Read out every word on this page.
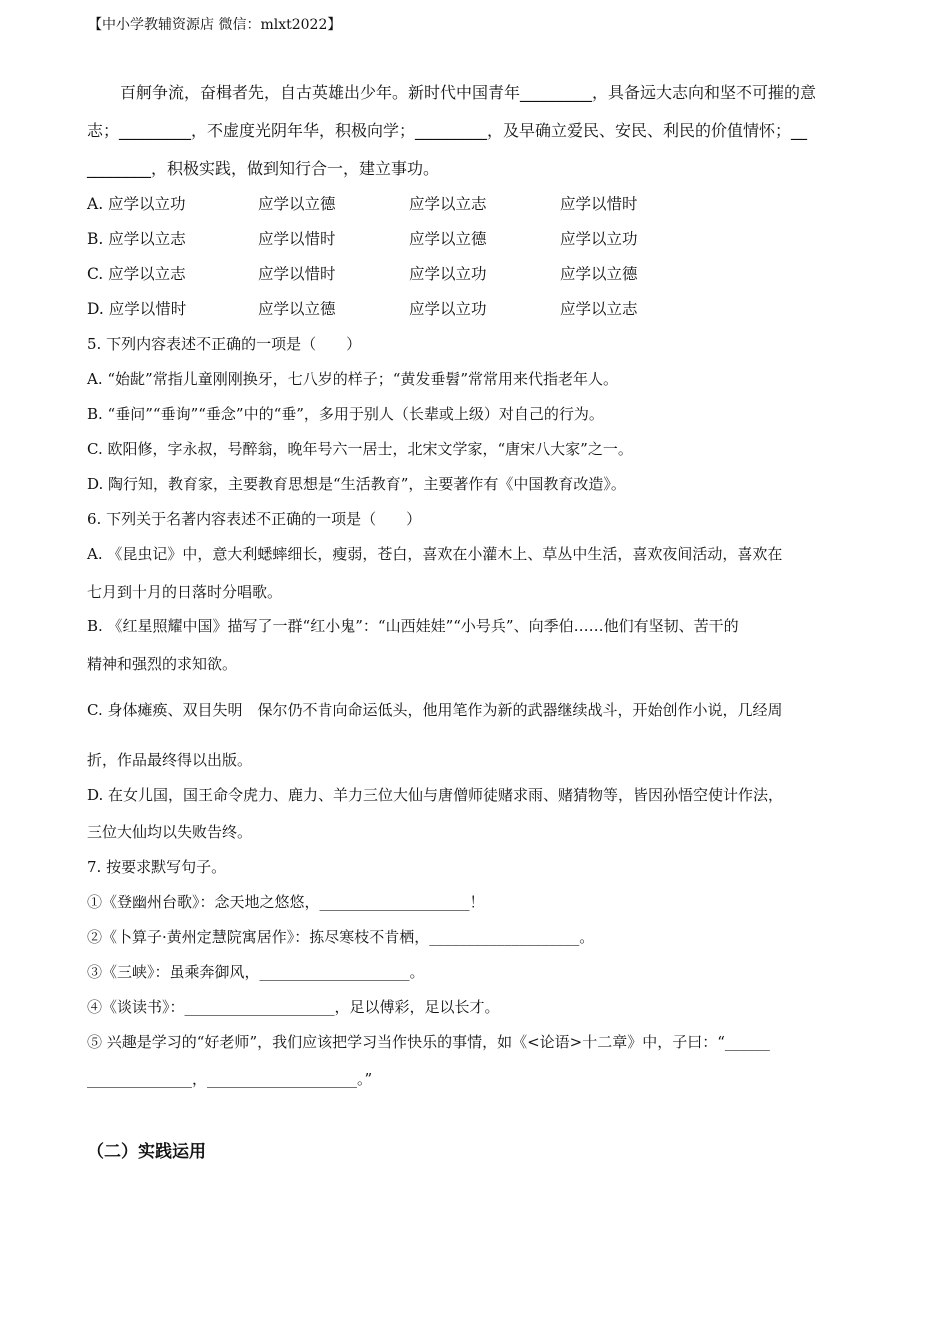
【中小学教辅资源店 微信：mlxt2022】
百舸争流，奋楫者先，自古英雄出少年。新时代中国青年_________，具备远大志向和坚不可摧的意
志；_________，不虚度光阴年华，积极向学；_________，及早确立爱民、安民、利民的价值情怀；__
________，积极实践，做到知行合一，建立事功。
A. 应学以立功	应学以立德	应学以立志	应学以惜时
B. 应学以立志	应学以惜时	应学以立德	应学以立功
C. 应学以立志	应学以惜时	应学以立功	应学以立德
D. 应学以惜时	应学以立德	应学以立功	应学以立志
5. 下列内容表述不正确的一项是（　　）
A. “始龀”常指儿童刚刚换牙，七八岁的样子；“黄发垂髫”常常用来代指老年人。
B. “垂问”“垂询”“垂念”中的“垂”，多用于别人（长辈或上级）对自己的行为。
C. 欧阳修，字永叔，号醉翁，晚年号六一居士，北宋文学家，“唐宋八大家”之一。
D. 陶行知，教育家，主要教育思想是“生活教育”，主要著作有《中国教育改造》。
6. 下列关于名著内容表述不正确的一项是（　　）
A. 《昆虫记》中，意大利蟋蟀细长，瘦弱，苍白，喜欢在小灌木上、草丛中生活，喜欢夜间活动，喜欢在
七月到十月的日落时分唱歌。
B. 《红星照耀中国》描写了一群“红小鬼”：“山西娃娃”“小号兵”、向季伯……他们有坚韧、苦干的
精神和强烈的求知欲。
C. 身体瘫痪、双目失明　保尔仍不肯向命运低头，他用笔作为新的武器继续战斗，开始创作小说，几经周
折，作品最终得以出版。
D. 在女儿国，国王命令虎力、鹿力、羊力三位大仙与唐僧师徒赌求雨、赌猜物等，皆因孙悟空使计作法，
三位大仙均以失败告终。
7. 按要求默写句子。
①《登幽州台歌》：念天地之悠悠，____________________！
②《卜算子·黄州定慧院寓居作》：拣尽寒枝不肯栖，____________________。
③《三峡》：虽乘奔御风，____________________。
④《谈读书》：____________________，足以傅彩，足以长才。
⑤ 兴趣是学习的“好老师”，我们应该把学习当作快乐的事情，如《<论语>十二章》中，子曰：“______
______________，____________________。”
（二）实践运用
